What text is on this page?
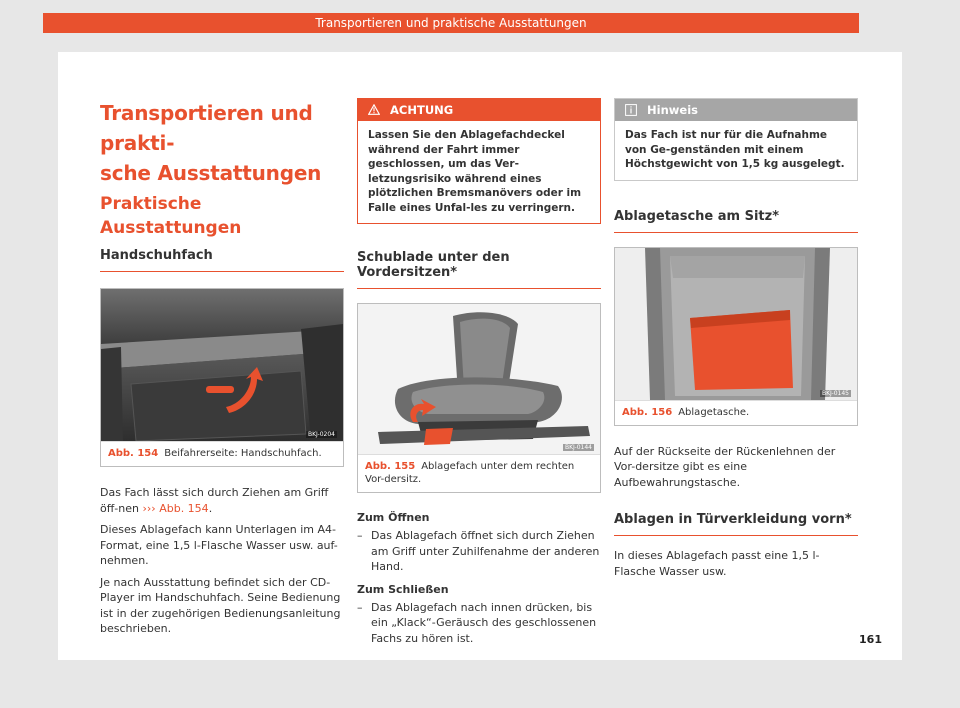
Transportieren und praktische Ausstattungen
Transportieren und prakti-
sche Ausstattungen
Praktische Ausstattungen
Handschuhfach
BKJ-0204
Abb. 154 Beifahrerseite: Handschuhfach.

Das Fach lässt sich durch Ziehen am Griff öff-nen ››› Abb. 154.

Dieses Ablagefach kann Unterlagen im A4-Format, eine 1,5 l-Flasche Wasser usw. auf-nehmen.

Je nach Ausstattung befindet sich der CD-Player im Handschuhfach. Seine Bedienung ist in der zugehörigen Bedienungsanleitung beschrieben.

ACHTUNG
Lassen Sie den Ablagefachdeckel während der Fahrt immer geschlossen, um das Ver-letzungsrisiko während eines plötzlichen Bremsmanövers oder im Falle eines Unfal-les zu verringern.
Schublade unter den Vordersitzen*
BKJ-0144
Abb. 155 Ablagefach unter dem rechten Vor-dersitz.
Zum Öffnen
– Das Ablagefach öffnet sich durch Ziehen am Griff unter Zuhilfenahme der anderen Hand.
Zum Schließen
– Das Ablagefach nach innen drücken, bis ein „Klack“-Geräusch des geschlossenen Fachs zu hören ist.
Hinweis
Das Fach ist nur für die Aufnahme von Ge-genständen mit einem Höchstgewicht von 1,5 kg ausgelegt.
Ablagetasche am Sitz*
BKJ-0145
Abb. 156 Ablagetasche.

Auf der Rückseite der Rückenlehnen der Vor-dersitze gibt es eine Aufbewahrungstasche.

Ablagen in Türverkleidung vorn*

In dieses Ablagefach passt eine 1,5 l-Flasche Wasser usw.

161
